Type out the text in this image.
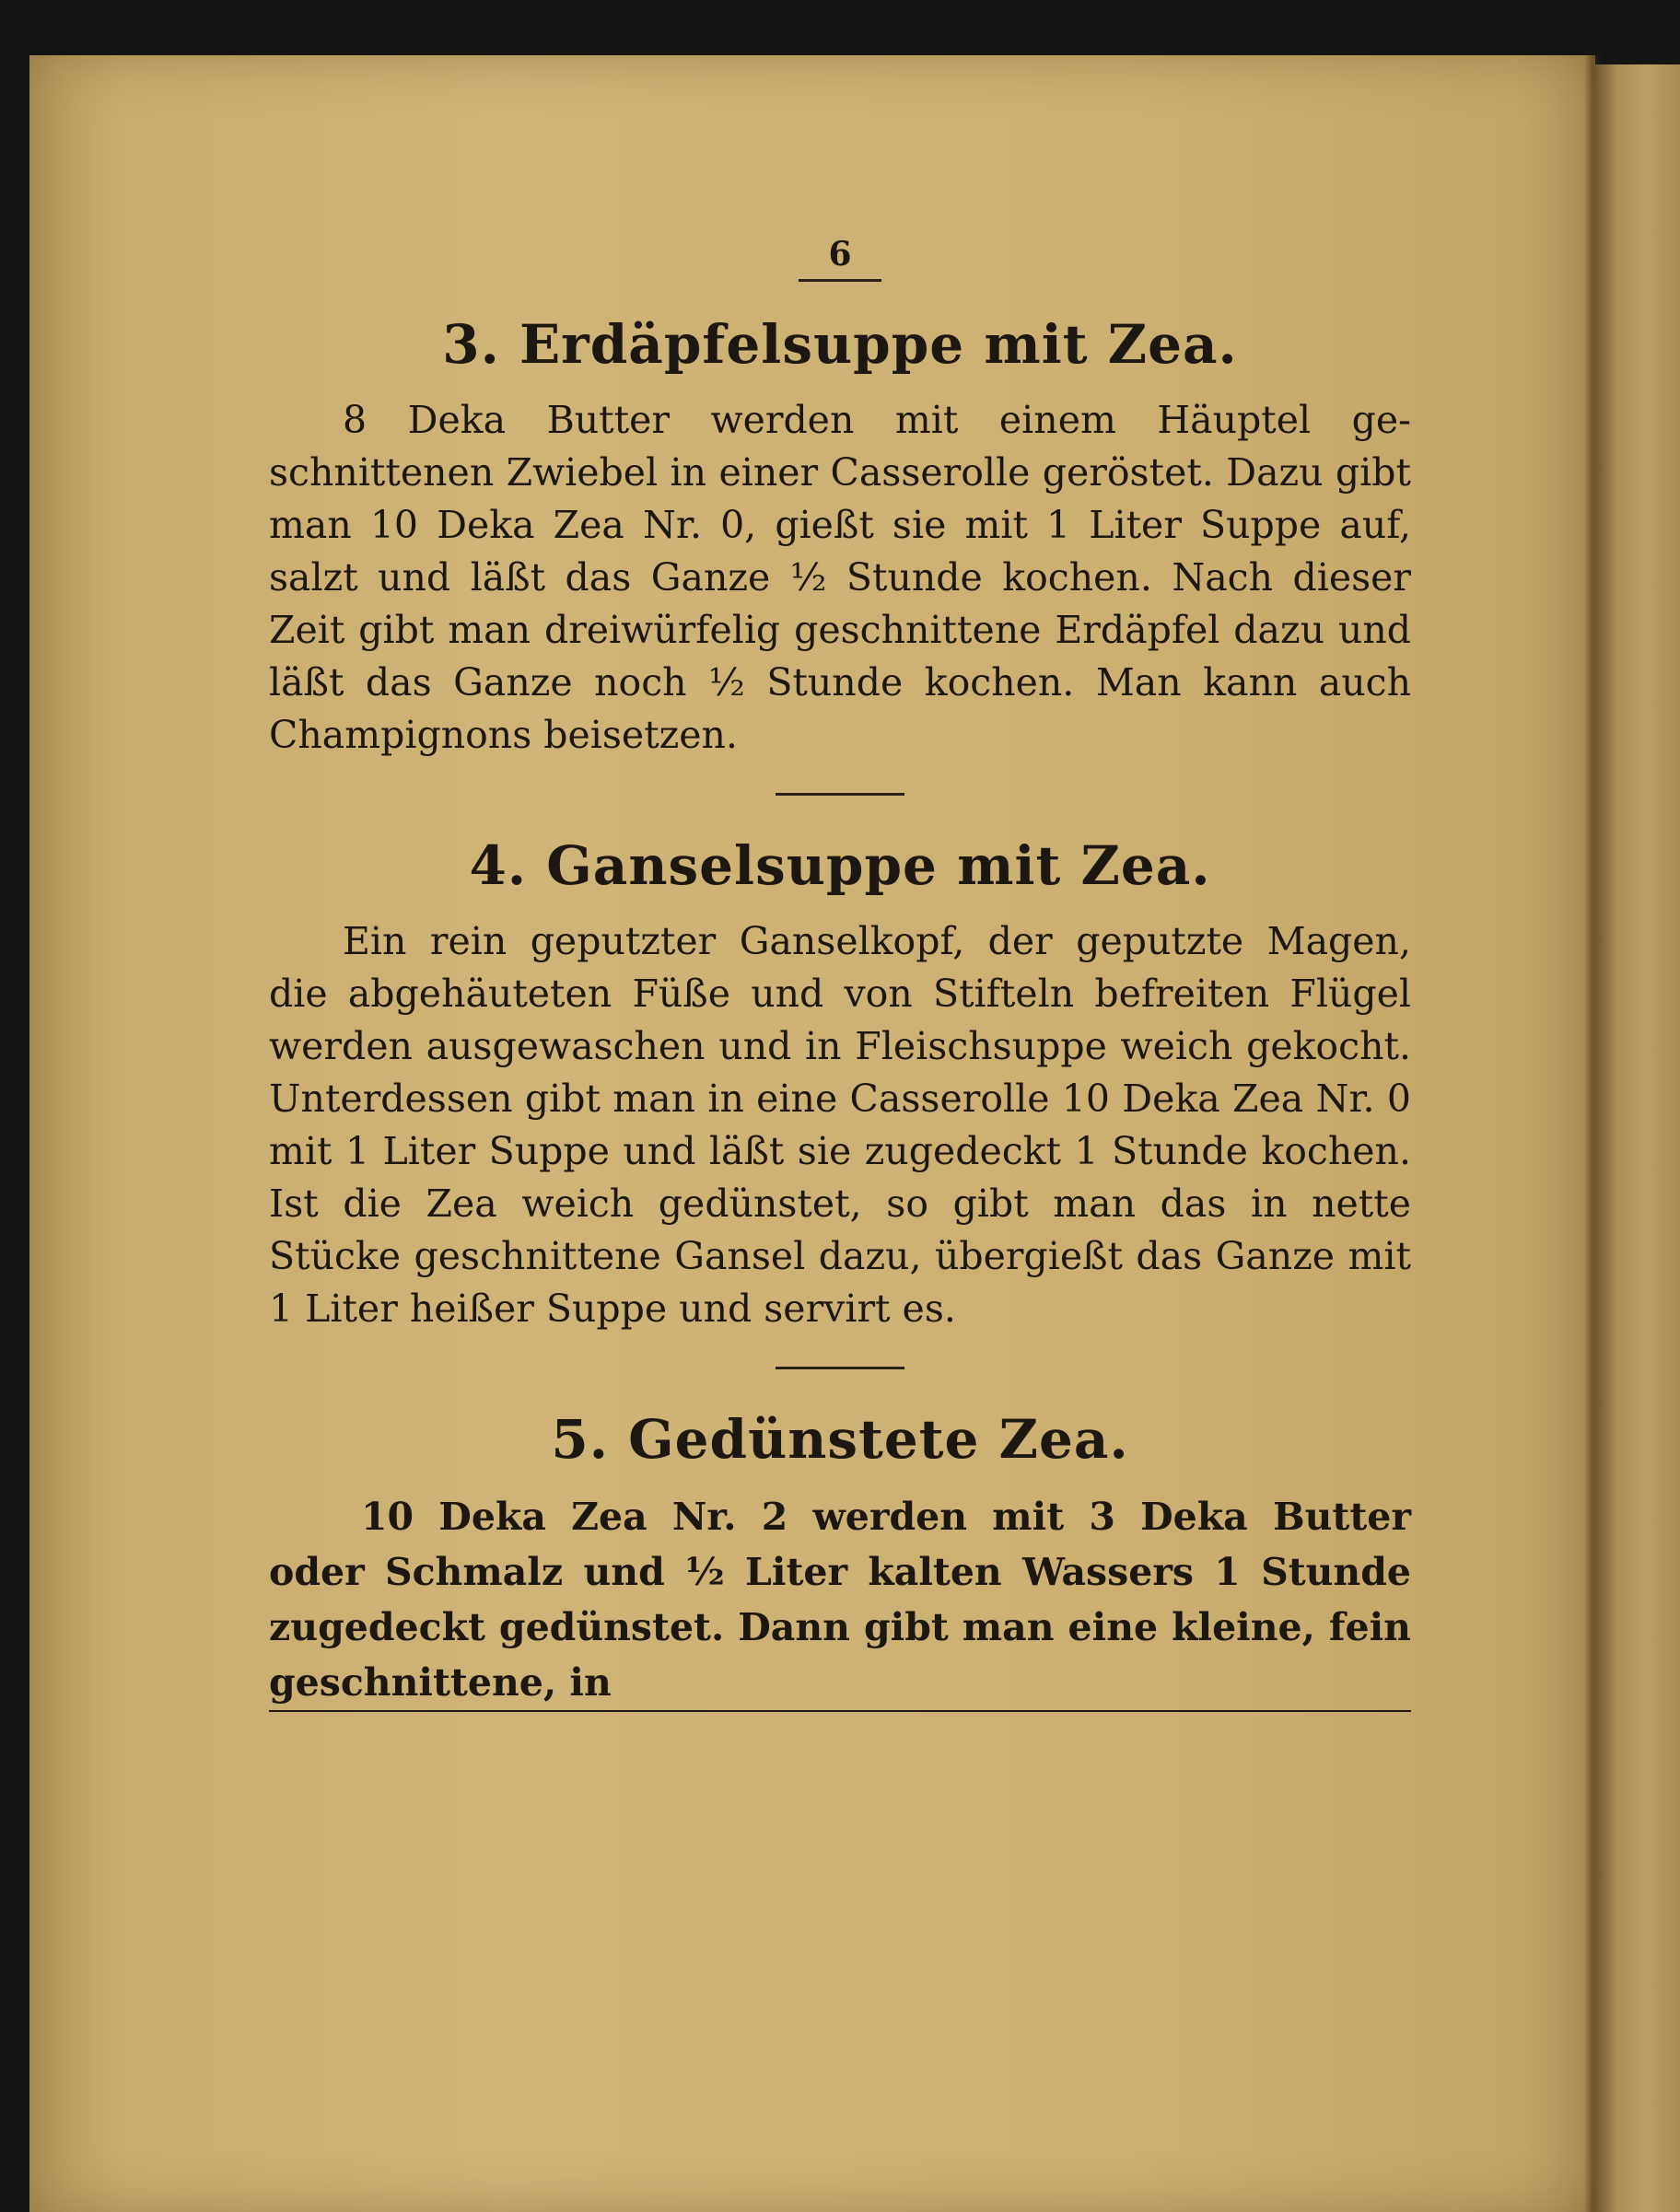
6
3. Erdäpfelsuppe mit Zea.

8 Deka Butter werden mit einem Häuptel geschnittenen Zwiebel in einer Casserolle geröstet. Dazu gibt man 10 Deka Zea Nr. 0, gießt sie mit 1 Liter Suppe auf, salzt und läßt das Ganze ½ Stunde kochen. Nach dieser Zeit gibt man dreiwürfelig geschnittene Erdäpfel dazu und läßt das Ganze noch ½ Stunde kochen. Man kann auch Champignons beisetzen.

4. Ganselsuppe mit Zea.

Ein rein geputzter Ganselkopf, der geputzte Magen, die abgehäuteten Füße und von Stifteln befreiten Flügel werden ausgewaschen und in Fleischsuppe weich gekocht. Unterdessen gibt man in eine Casserolle 10 Deka Zea Nr. 0 mit 1 Liter Suppe und läßt sie zugedeckt 1 Stunde kochen. Ist die Zea weich gedünstet, so gibt man das in nette Stücke geschnittene Gansel dazu, übergießt das Ganze mit 1 Liter heißer Suppe und servirt es.

5. Gedünstete Zea.

10 Deka Zea Nr. 2 werden mit 3 Deka Butter oder Schmalz und ½ Liter kalten Wassers 1 Stunde zugedeckt gedünstet. Dann gibt man eine kleine, fein geschnittene, in
